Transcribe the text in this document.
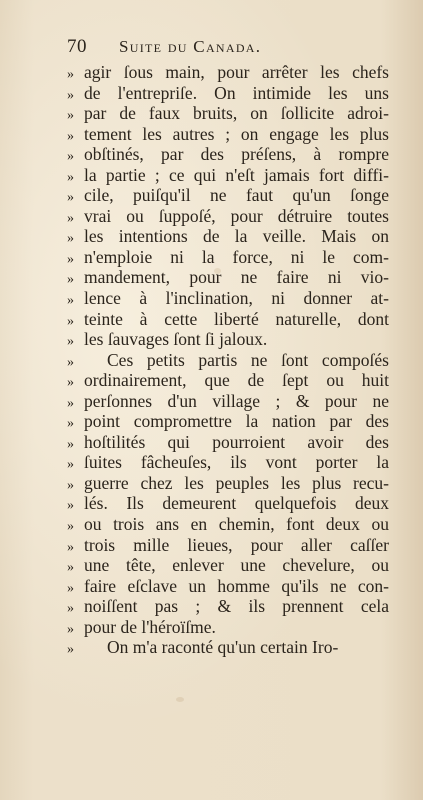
70 Suite du Canada.
» agir ſous main, pour arrêter les chefs
» de l'entrepriſe. On intimide les uns
» par de faux bruits, on ſollicite adroi-
» tement les autres ; on engage les plus
» obſtinés, par des préſens, à rompre
» la partie ; ce qui n'eſt jamais fort diffi-
» cile, puiſqu'il ne faut qu'un ſonge
» vrai ou ſuppoſé, pour détruire toutes
» les intentions de la veille. Mais on
» n'emploie ni la force, ni le com-
» mandement, pour ne faire ni vio-
» lence à l'inclination, ni donner at-
» teinte à cette liberté naturelle, dont
» les ſauvages ſont ſi jaloux.
»	Ces petits partis ne ſont compoſés
» ordinairement, que de ſept ou huit
» perſonnes d'un village ; & pour ne
» point compromettre la nation par des
» hoſtilités qui pourroient avoir des
» ſuites fâcheuſes, ils vont porter la
» guerre chez les peuples les plus recu-
» lés. Ils demeurent quelquefois deux
» ou trois ans en chemin, font deux ou
» trois mille lieues, pour aller caſſer
» une tête, enlever une chevelure, ou
» faire eſclave un homme qu'ils ne con-
» noiſſent pas ; & ils prennent cela
» pour de l'héroïſme.
»	On m'a raconté qu'un certain Iro-
